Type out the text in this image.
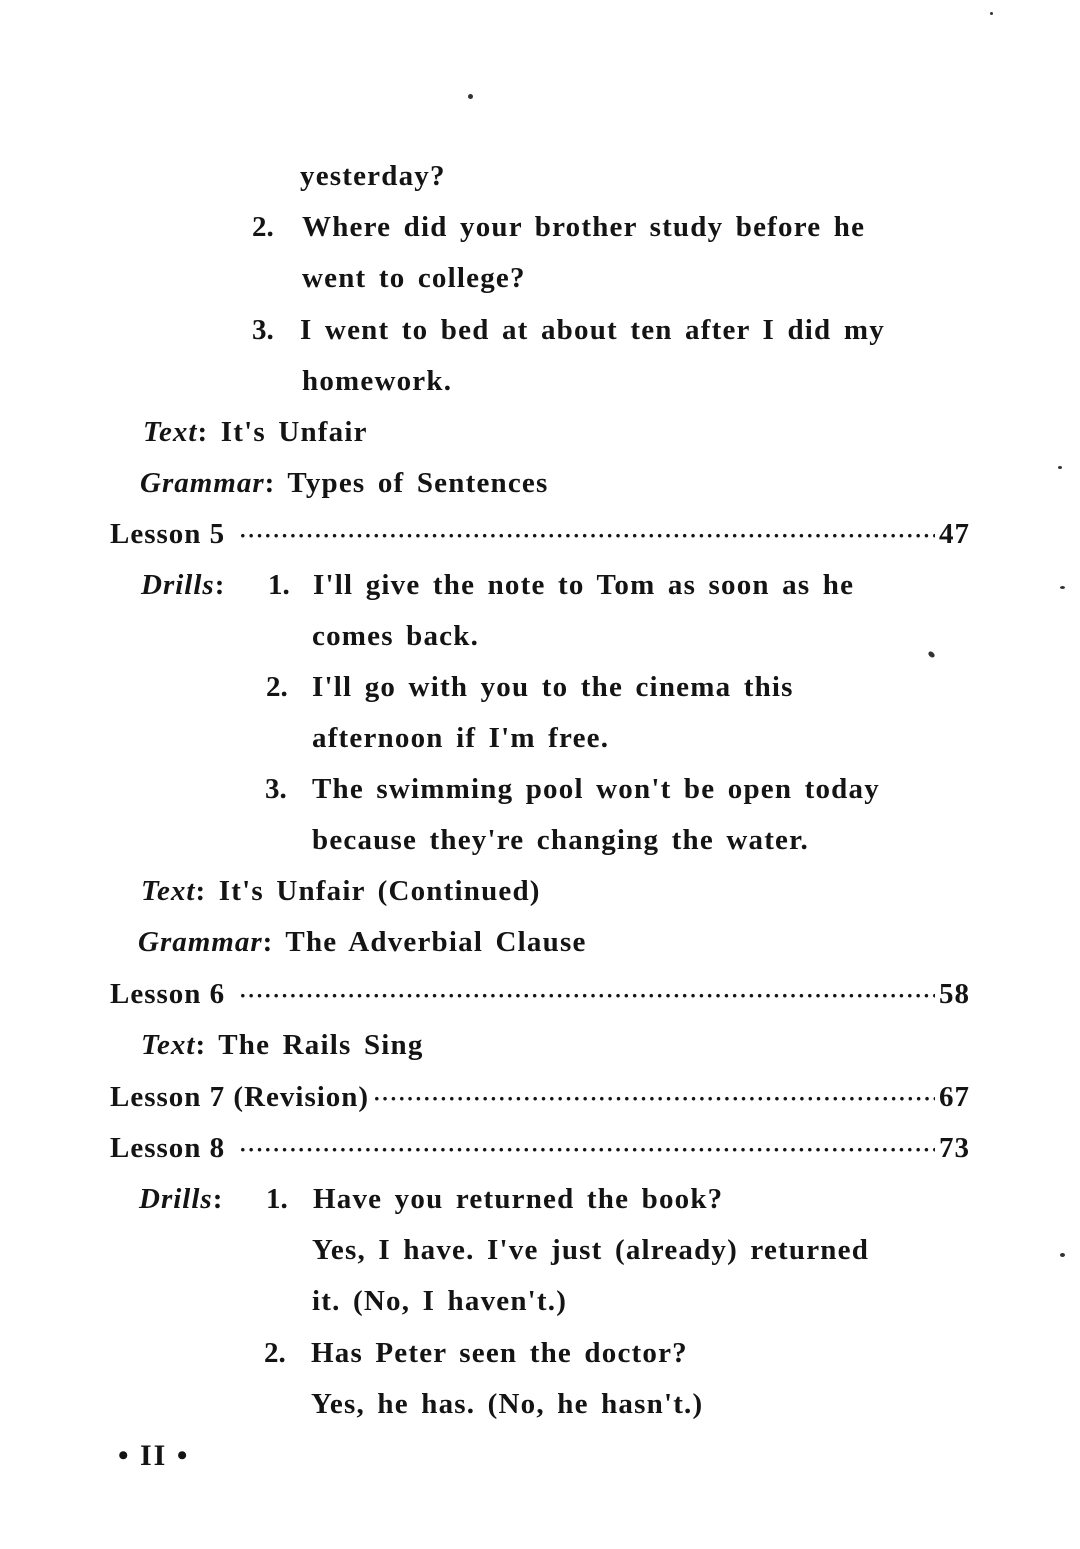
yesterday?
2. Where did your brother study before he
went to college?
3. I went to bed at about ten after I did my
homework.
Text: It's Unfair
Grammar: Types of Sentences
Lesson 5 ·····	47
Drills: 1. I'll give the note to Tom as soon as he
comes back.
2. I'll go with you to the cinema this
afternoon if I'm free.
3. The swimming pool won't be open today
because they're changing the water.
Text: It's Unfair (Continued)
Grammar: The Adverbial Clause
Lesson 6 ·····	58
Text: The Rails Sing
Lesson 7 (Revision) ·····	67
Lesson 8 ·····	73
Drills: 1. Have you returned the book?
Yes, I have. I've just (already) returned
it. (No, I haven't.)
2. Has Peter seen the doctor?
Yes, he has. (No, he hasn't.)
• II •
